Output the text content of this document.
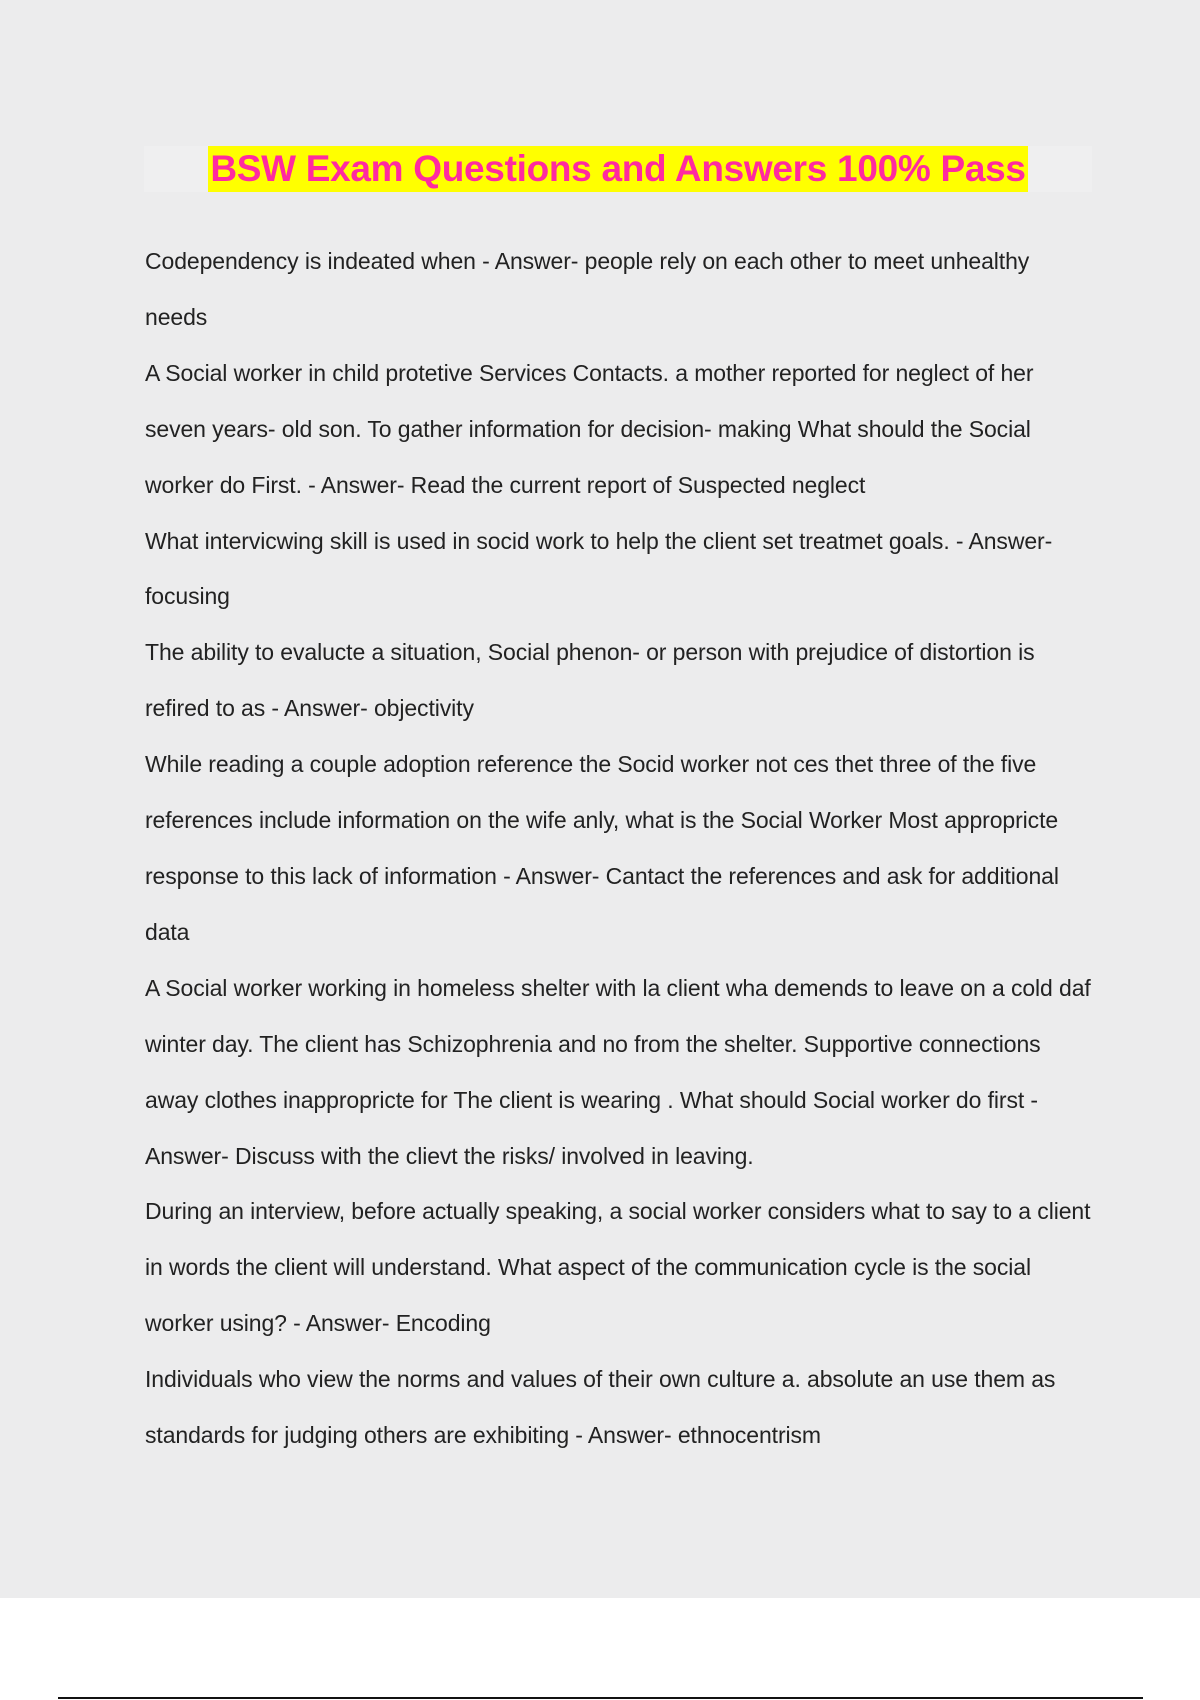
BSW Exam Questions and Answers 100% Pass

Codependency is indeated when - Answer- people rely on each other to meet unhealthy needs

A Social worker in child protetive Services Contacts. a mother reported for neglect of her seven years- old son. To gather information for decision- making What should the Social worker do First. - Answer- Read the current report of Suspected neglect

What intervicwing skill is used in socid work to help the client set treatmet goals. - Answer- focusing

The ability to evalucte a situation, Social phenon- or person with prejudice of distortion is refired to as - Answer- objectivity

While reading a couple adoption reference the Socid worker not ces thet three of the five references include information on the wife anly, what is the Social Worker Most appropricte response to this lack of information - Answer- Cantact the references and ask for additional data

A Social worker working in homeless shelter with la client wha demends to leave on a cold daf winter day. The client has Schizophrenia and no from the shelter. Supportive connections away clothes inappropricte for The client is wearing . What should Social worker do first - Answer- Discuss with the clievt the risks/ involved in leaving.

During an interview, before actually speaking, a social worker considers what to say to a client in words the client will understand. What aspect of the communication cycle is the social worker using? - Answer- Encoding

Individuals who view the norms and values of their own culture a. absolute an use them as standards for judging others are exhibiting - Answer- ethnocentrism
